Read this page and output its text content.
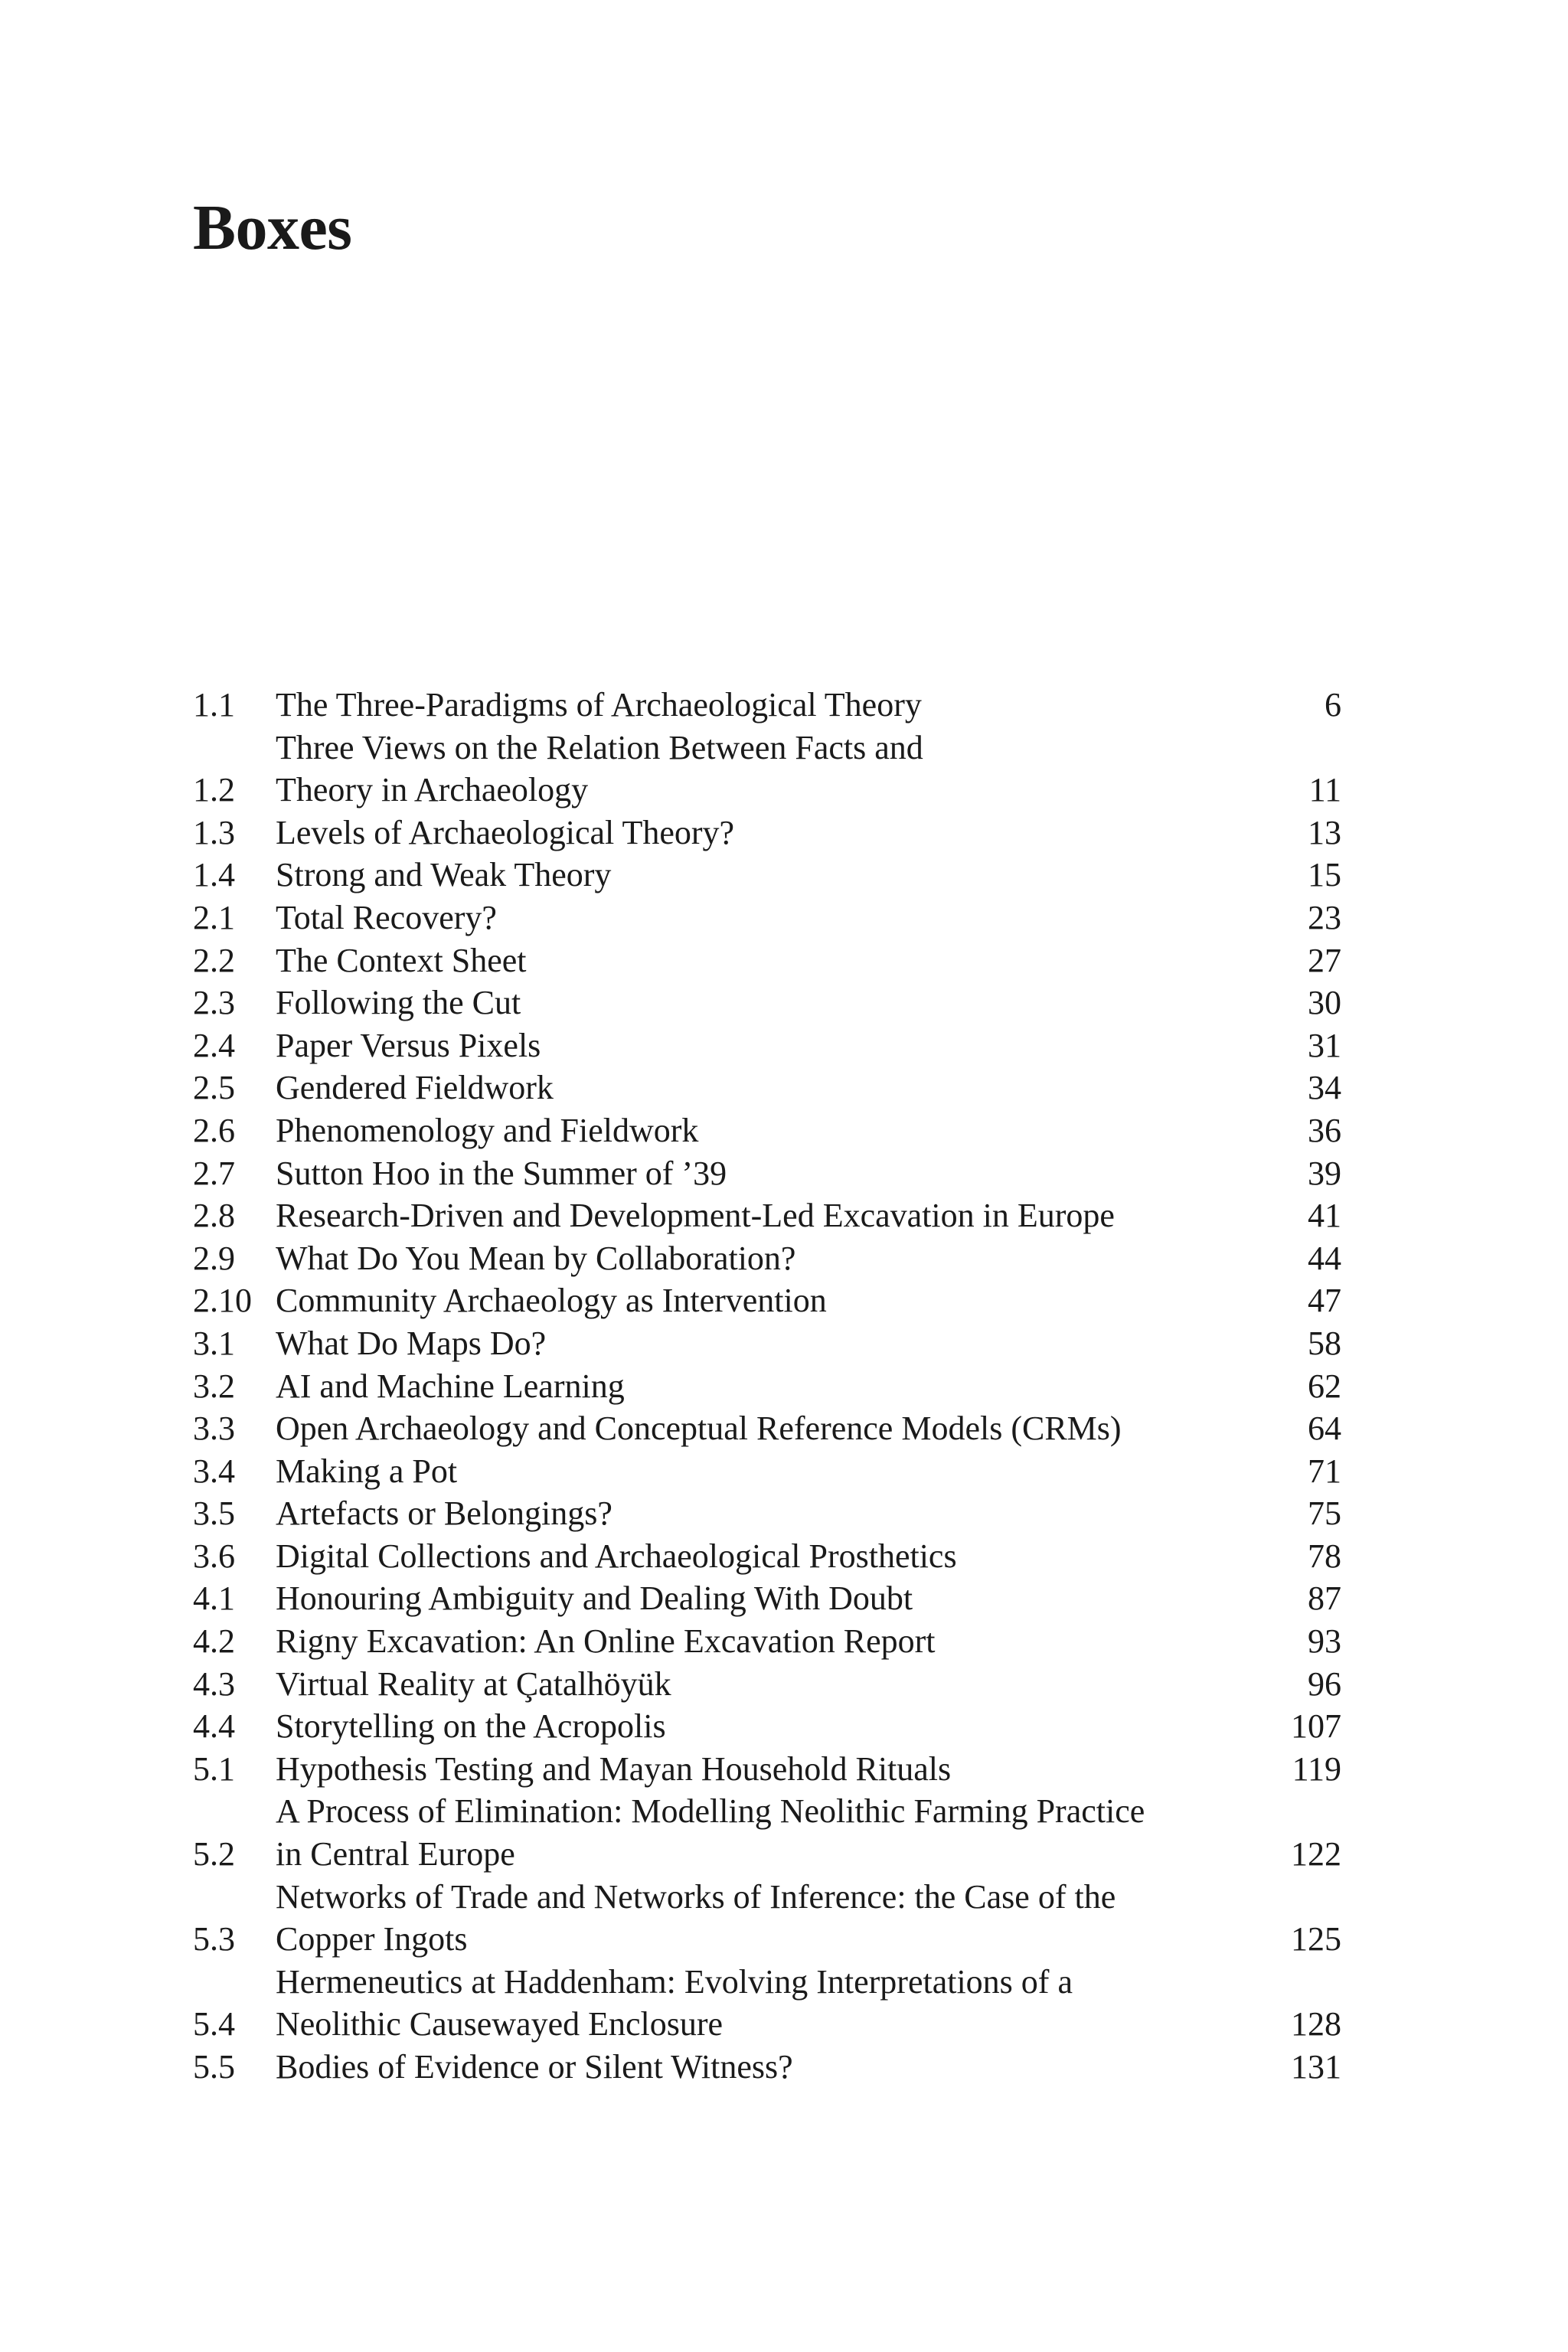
Boxes
1.1	The Three-Paradigms of Archaeological Theory	6
1.2
Three Views on the Relation Between Facts and
Theory in Archaeology	11
1.3	Levels of Archaeological Theory?	13
1.4	Strong and Weak Theory	15
2.1	Total Recovery?	23
2.2	The Context Sheet	27
2.3	Following the Cut	30
2.4	Paper Versus Pixels	31
2.5	Gendered Fieldwork	34
2.6	Phenomenology and Fieldwork	36
2.7	Sutton Hoo in the Summer of ’39	39
2.8	Research-Driven and Development-Led Excavation in Europe	41
2.9	What Do You Mean by Collaboration?	44
2.10 Community Archaeology as Intervention	47
3.1	What Do Maps Do?	58
3.2	AI and Machine Learning	62
3.3	Open Archaeology and Conceptual Reference Models (CRMs)	64
3.4	Making a Pot	71
3.5	Artefacts or Belongings?	75
3.6	Digital Collections and Archaeological Prosthetics	78
4.1	Honouring Ambiguity and Dealing With Doubt	87
4.2	Rigny Excavation: An Online Excavation Report	93
4.3	Virtual Reality at Çatalhöyük	96
4.4	Storytelling on the Acropolis	107
5.1	Hypothesis Testing and Mayan Household Rituals	119
5.2
A Process of Elimination: Modelling Neolithic Farming Practice
in Central Europe	122
5.3
Networks of Trade and Networks of Inference: the Case of the
Copper Ingots	125
5.4
Hermeneutics at Haddenham: Evolving Interpretations of a
Neolithic Causewayed Enclosure	128
5.5	Bodies of Evidence or Silent Witness?	131
